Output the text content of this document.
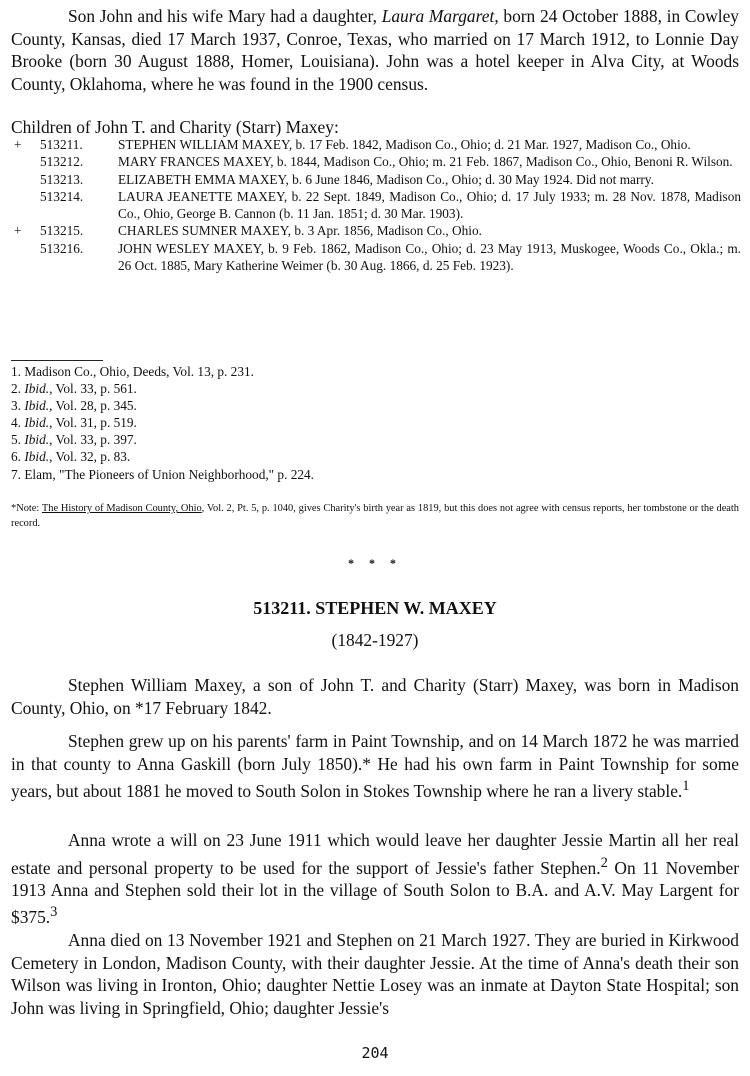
Son John and his wife Mary had a daughter, Laura Margaret, born 24 October 1888, in Cowley County, Kansas, died 17 March 1937, Conroe, Texas, who married on 17 March 1912, to Lonnie Day Brooke (born 30 August 1888, Homer, Louisiana). John was a hotel keeper in Alva City, at Woods County, Oklahoma, where he was found in the 1900 census.

Children of John T. and Charity (Starr) Maxey:

+	513211.	STEPHEN WILLIAM MAXEY, b. 17 Feb. 1842, Madison Co., Ohio; d. 21 Mar. 1927, Madison Co., Ohio.
513212.	MARY FRANCES MAXEY, b. 1844, Madison Co., Ohio; m. 21 Feb. 1867, Madison Co., Ohio, Benoni R. Wilson.
513213.	ELIZABETH EMMA MAXEY, b. 6 June 1846, Madison Co., Ohio; d. 30 May 1924. Did not marry.
513214.	LAURA JEANETTE MAXEY, b. 22 Sept. 1849, Madison Co., Ohio; d. 17 July 1933; m. 28 Nov. 1878, Madison Co., Ohio, George B. Cannon (b. 11 Jan. 1851; d. 30 Mar. 1903).
+	513215.	CHARLES SUMNER MAXEY, b. 3 Apr. 1856, Madison Co., Ohio.
513216.	JOHN WESLEY MAXEY, b. 9 Feb. 1862, Madison Co., Ohio; d. 23 May 1913, Muskogee, Woods Co., Okla.; m. 26 Oct. 1885, Mary Katherine Weimer (b. 30 Aug. 1866, d. 25 Feb. 1923).
1. Madison Co., Ohio, Deeds, Vol. 13, p. 231.
2. Ibid., Vol. 33, p. 561.
3. Ibid., Vol. 28, p. 345.
4. Ibid., Vol. 31, p. 519.
5. Ibid., Vol. 33, p. 397.
6. Ibid., Vol. 32, p. 83.
7. Elam, "The Pioneers of Union Neighborhood," p. 224.

*Note: The History of Madison County, Ohio, Vol. 2, Pt. 5, p. 1040, gives Charity's birth year as 1819, but this does not agree with census reports, her tombstone or the death record.

* * *
513211. STEPHEN W. MAXEY
(1842-1927)

Stephen William Maxey, a son of John T. and Charity (Starr) Maxey, was born in Madison County, Ohio, on *17 February 1842.

Stephen grew up on his parents' farm in Paint Township, and on 14 March 1872 he was married in that county to Anna Gaskill (born July 1850).* He had his own farm in Paint Township for some years, but about 1881 he moved to South Solon in Stokes Township where he ran a livery stable.$^1$

Anna wrote a will on 23 June 1911 which would leave her daughter Jessie Martin all her real estate and personal property to be used for the support of Jessie's father Stephen.$^2$ On 11 November 1913 Anna and Stephen sold their lot in the village of South Solon to B.A. and A.V. May Largent for $375.$^3$

Anna died on 13 November 1921 and Stephen on 21 March 1927. They are buried in Kirkwood Cemetery in London, Madison County, with their daughter Jessie. At the time of Anna's death their son Wilson was living in Ironton, Ohio; daughter Nettie Losey was an inmate at Dayton State Hospital; son John was living in Springfield, Ohio; daughter Jessie's

204
